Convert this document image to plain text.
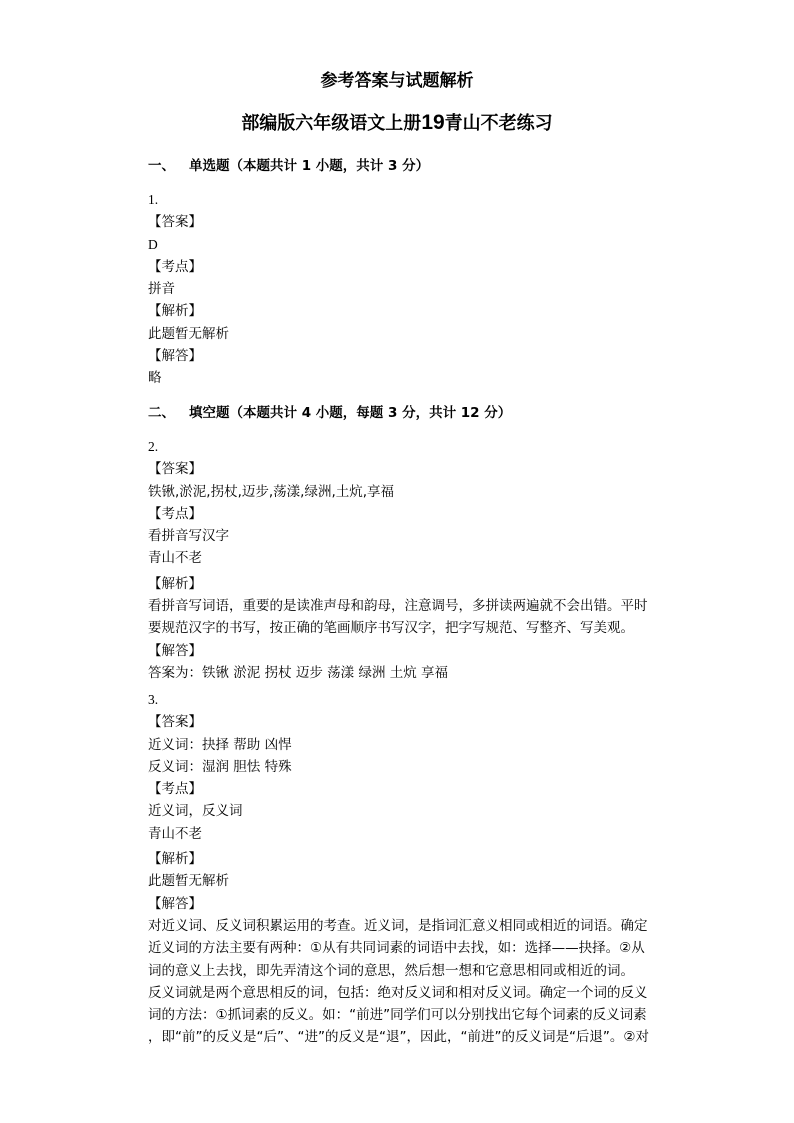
参考答案与试题解析
部编版六年级语文上册19青山不老练习
一、 单选题（本题共计 1 小题，共计 3 分）
1.
【答案】
D
【考点】
拼音
【解析】
此题暂无解析
【解答】
略
二、 填空题（本题共计 4 小题，每题 3 分，共计 12 分）
2.
【答案】
铁锹,淤泥,拐杖,迈步,荡漾,绿洲,土炕,享福
【考点】
看拼音写汉字
青山不老
【解析】
看拼音写词语，重要的是读准声母和韵母，注意调号，多拼读两遍就不会出错。平时
要规范汉字的书写，按正确的笔画顺序书写汉字，把字写规范、写整齐、写美观。
【解答】
答案为：铁锹 淤泥 拐杖 迈步 荡漾 绿洲 土炕 享福
3.
【答案】
近义词：抉择 帮助 凶悍
反义词：湿润 胆怯 特殊
【考点】
近义词，反义词
青山不老
【解析】
此题暂无解析
【解答】
对近义词、反义词积累运用的考查。近义词，是指词汇意义相同或相近的词语。确定
近义词的方法主要有两种：①从有共同词素的词语中去找，如：选择——抉择。②从
词的意义上去找，即先弄清这个词的意思，然后想一想和它意思相同或相近的词。
反义词就是两个意思相反的词，包括：绝对反义词和相对反义词。确定一个词的反义
词的方法：①抓词素的反义。如：“前进”同学们可以分别找出它每个词素的反义词素
，即“前”的反义是“后”、“进”的反义是“退”，因此，“前进”的反义词是“后退”。②对
